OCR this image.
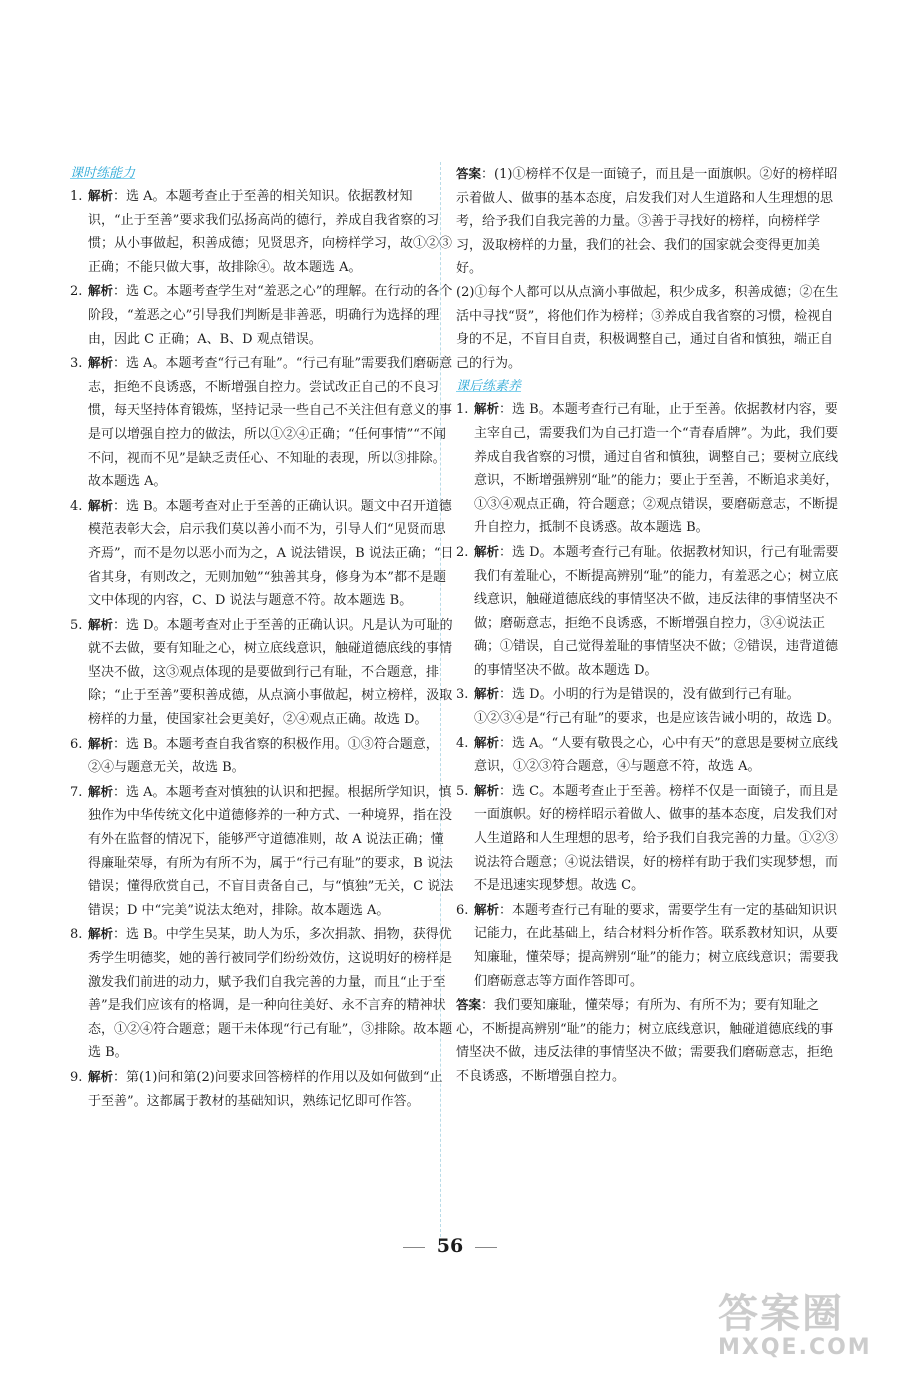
课时练能力

1. 解析：选 A。本题考查止于至善的相关知识。依据教材知识，“止于至善”要求我们弘扬高尚的德行，养成自我省察的习惯；从小事做起，积善成德；见贤思齐，向榜样学习，故①②③正确；不能只做大事，故排除④。故本题选 A。

2. 解析：选 C。本题考查学生对“羞恶之心”的理解。在行动的各个阶段，“羞恶之心”引导我们判断是非善恶，明确行为选择的理由，因此 C 正确；A、B、D 观点错误。

3. 解析：选 A。本题考查“行己有耻”。“行己有耻”需要我们磨砺意志，拒绝不良诱惑，不断增强自控力。尝试改正自己的不良习惯，每天坚持体育锻炼，坚持记录一些自己不关注但有意义的事是可以增强自控力的做法，所以①②④正确；“任何事情”“不闻不问，视而不见”是缺乏责任心、不知耻的表现，所以③排除。故本题选 A。

4. 解析：选 B。本题考查对止于至善的正确认识。题文中召开道德模范表彰大会，启示我们莫以善小而不为，引导人们“见贤而思齐焉”，而不是勿以恶小而为之，A 说法错误，B 说法正确；“日省其身，有则改之，无则加勉”“独善其身，修身为本”都不是题文中体现的内容，C、D 说法与题意不符。故本题选 B。

5. 解析：选 D。本题考查对止于至善的正确认识。凡是认为可耻的就不去做，要有知耻之心，树立底线意识，触碰道德底线的事情坚决不做，这③观点体现的是要做到行己有耻，不合题意，排除；“止于至善”要积善成德，从点滴小事做起，树立榜样，汲取榜样的力量，使国家社会更美好，②④观点正确。故选 D。

6. 解析：选 B。本题考查自我省察的积极作用。①③符合题意，②④与题意无关，故选 B。

7. 解析：选 A。本题考查对慎独的认识和把握。根据所学知识，慎独作为中华传统文化中道德修养的一种方式、一种境界，指在没有外在监督的情况下，能够严守道德准则，故 A 说法正确；懂得廉耻荣辱，有所为有所不为，属于“行己有耻”的要求，B 说法错误；懂得欣赏自己，不盲目责备自己，与“慎独”无关，C 说法错误；D 中“完美”说法太绝对，排除。故本题选 A。

8. 解析：选 B。中学生吴某，助人为乐，多次捐款、捐物，获得优秀学生明德奖，她的善行被同学们纷纷效仿，这说明好的榜样是激发我们前进的动力，赋予我们自我完善的力量，而且“止于至善”是我们应该有的格调，是一种向往美好、永不言弃的精神状态，①②④符合题意；题干未体现“行己有耻”，③排除。故本题选 B。

9. 解析：第(1)问和第(2)问要求回答榜样的作用以及如何做到“止于至善”。这都属于教材的基础知识，熟练记忆即可作答。

答案：(1)①榜样不仅是一面镜子，而且是一面旗帜。②好的榜样昭示着做人、做事的基本态度，启发我们对人生道路和人生理想的思考，给予我们自我完善的力量。③善于寻找好的榜样，向榜样学习，汲取榜样的力量，我们的社会、我们的国家就会变得更加美好。

(2)①每个人都可以从点滴小事做起，积少成多，积善成德；②在生活中寻找“贤”，将他们作为榜样；③养成自我省察的习惯，检视自身的不足，不盲目自责，积极调整自己，通过自省和慎独，端正自己的行为。

课后练素养

1. 解析：选 B。本题考查行己有耻，止于至善。依据教材内容，要主宰自己，需要我们为自己打造一个“青春盾牌”。为此，我们要养成自我省察的习惯，通过自省和慎独，调整自己；要树立底线意识，不断增强辨别“耻”的能力；要止于至善，不断追求美好，①③④观点正确，符合题意；②观点错误，要磨砺意志，不断提升自控力，抵制不良诱惑。故本题选 B。

2. 解析：选 D。本题考查行己有耻。依据教材知识，行己有耻需要我们有羞耻心，不断提高辨别“耻”的能力，有羞恶之心；树立底线意识，触碰道德底线的事情坚决不做，违反法律的事情坚决不做；磨砺意志，拒绝不良诱惑，不断增强自控力，③④说法正确；①错误，自己觉得羞耻的事情坚决不做；②错误，违背道德的事情坚决不做。故本题选 D。

3. 解析：选 D。小明的行为是错误的，没有做到行己有耻。①②③④是“行己有耻”的要求，也是应该告诫小明的，故选 D。

4. 解析：选 A。“人要有敬畏之心，心中有天”的意思是要树立底线意识，①②③符合题意，④与题意不符，故选 A。

5. 解析：选 C。本题考查止于至善。榜样不仅是一面镜子，而且是一面旗帜。好的榜样昭示着做人、做事的基本态度，启发我们对人生道路和人生理想的思考，给予我们自我完善的力量。①②③说法符合题意；④说法错误，好的榜样有助于我们实现梦想，而不是迅速实现梦想。故选 C。

6. 解析：本题考查行己有耻的要求，需要学生有一定的基础知识识记能力，在此基础上，结合材料分析作答。联系教材知识，从要知廉耻，懂荣辱；提高辨别“耻”的能力；树立底线意识；需要我们磨砺意志等方面作答即可。

答案：我们要知廉耻，懂荣辱；有所为、有所不为；要有知耻之心，不断提高辨别“耻”的能力；树立底线意识，触碰道德底线的事情坚决不做，违反法律的事情坚决不做；需要我们磨砺意志，拒绝不良诱惑，不断增强自控力。

56
答案圈
MXQE.COM
